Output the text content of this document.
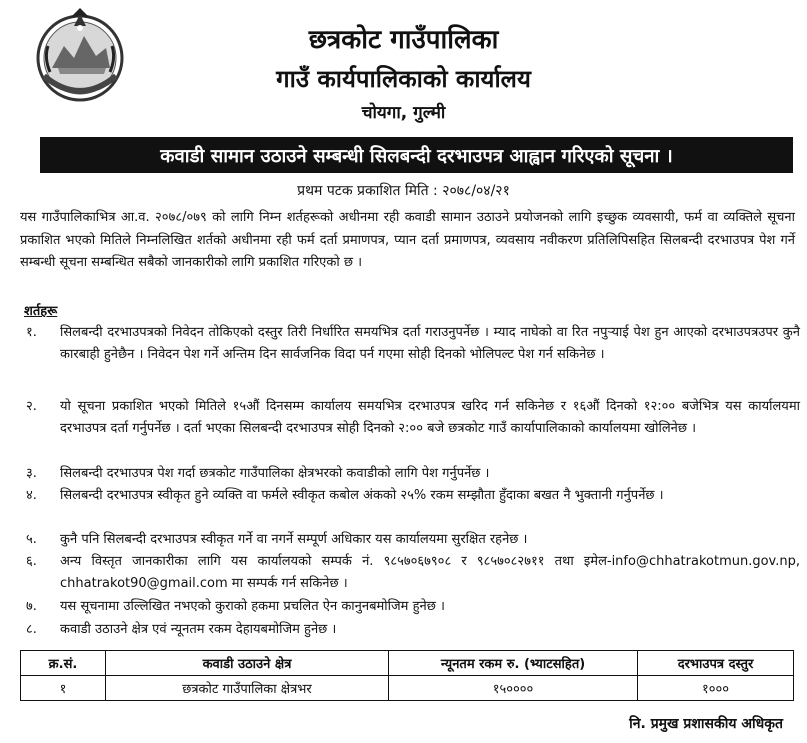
छत्रकोट गाउँपालिका
गाउँ कार्यपालिकाको कार्यालय
चोयगा, गुल्मी
कवाडी सामान उठाउने सम्बन्धी सिलबन्दी दरभाउपत्र आह्वान गरिएको सूचना ।
प्रथम पटक प्रकाशित मिति : २०७८/०४/२१
यस गाउँपालिकाभित्र आ.व. २०७८/०७९ को लागि निम्न शर्तहरूको अधीनमा रही कवाडी सामान उठाउने प्रयोजनको लागि इच्छुक व्यवसायी, फर्म वा व्यक्तिले सूचना प्रकाशित भएको मितिले निम्नलिखित शर्तको अधीनमा रही फर्म दर्ता प्रमाणपत्र, प्यान दर्ता प्रमाणपत्र, व्यवसाय नवीकरण प्रतिलिपिसहित सिलबन्दी दरभाउपत्र पेश गर्ने सम्बन्धी सूचना सम्बन्धित सबैको जानकारीको लागि प्रकाशित गरिएको छ ।
शर्तहरू
१.	सिलबन्दी दरभाउपत्रको निवेदन तोकिएको दस्तुर तिरी निर्धारित समयभित्र दर्ता गराउनुपर्नेछ । म्याद नाघेको वा रित नपुऱ्याई पेश हुन आएको दरभाउपत्रउपर कुनै कारबाही हुनेछैन । निवेदन पेश गर्ने अन्तिम दिन सार्वजनिक विदा पर्न गएमा सोही दिनको भोलिपल्ट पेश गर्न सकिनेछ ।
२.	यो सूचना प्रकाशित भएको मितिले १५औं दिनसम्म कार्यालय समयभित्र दरभाउपत्र खरिद गर्न सकिनेछ र १६औं दिनको १२:०० बजेभित्र यस कार्यालयमा दरभाउपत्र दर्ता गर्नुपर्नेछ । दर्ता भएका सिलबन्दी दरभाउपत्र सोही दिनको २:०० बजे छत्रकोट गाउँ कार्यापालिकाको कार्यालयमा खोलिनेछ ।
३.	सिलबन्दी दरभाउपत्र पेश गर्दा छत्रकोट गाउँपालिका क्षेत्रभरको कवाडीको लागि पेश गर्नुपर्नेछ ।
४.	सिलबन्दी दरभाउपत्र स्वीकृत हुने व्यक्ति वा फर्मले स्वीकृत कबोल अंकको २५% रकम सम्झौता हुँदाका बखत नै भुक्तानी गर्नुपर्नेछ ।
५.	कुनै पनि सिलबन्दी दरभाउपत्र स्वीकृत गर्ने वा नगर्ने सम्पूर्ण अधिकार यस कार्यालयमा सुरक्षित रहनेछ ।
६.	अन्य विस्तृत जानकारीका लागि यस कार्यालयको सम्पर्क नं. ९८५७०६७९०८ र ९८५७०८२७११ तथा इमेल-info@chhatrakotmun.gov.np, chhatrakot90@gmail.com मा सम्पर्क गर्न सकिनेछ ।
७.	यस सूचनामा उल्लिखित नभएको कुराको हकमा प्रचलित ऐन कानुनबमोजिम हुनेछ ।
८.	कवाडी उठाउने क्षेत्र एवं न्यूनतम रकम देहायबमोजिम हुनेछ ।
क्र.सं.	कवाडी उठाउने क्षेत्र	न्यूनतम रकम रु. (भ्याटसहित)	दरभाउपत्र दस्तुर
१	छत्रकोट गाउँपालिका क्षेत्रभर	१५००००	१०००
नि. प्रमुख प्रशासकीय अधिकृत
